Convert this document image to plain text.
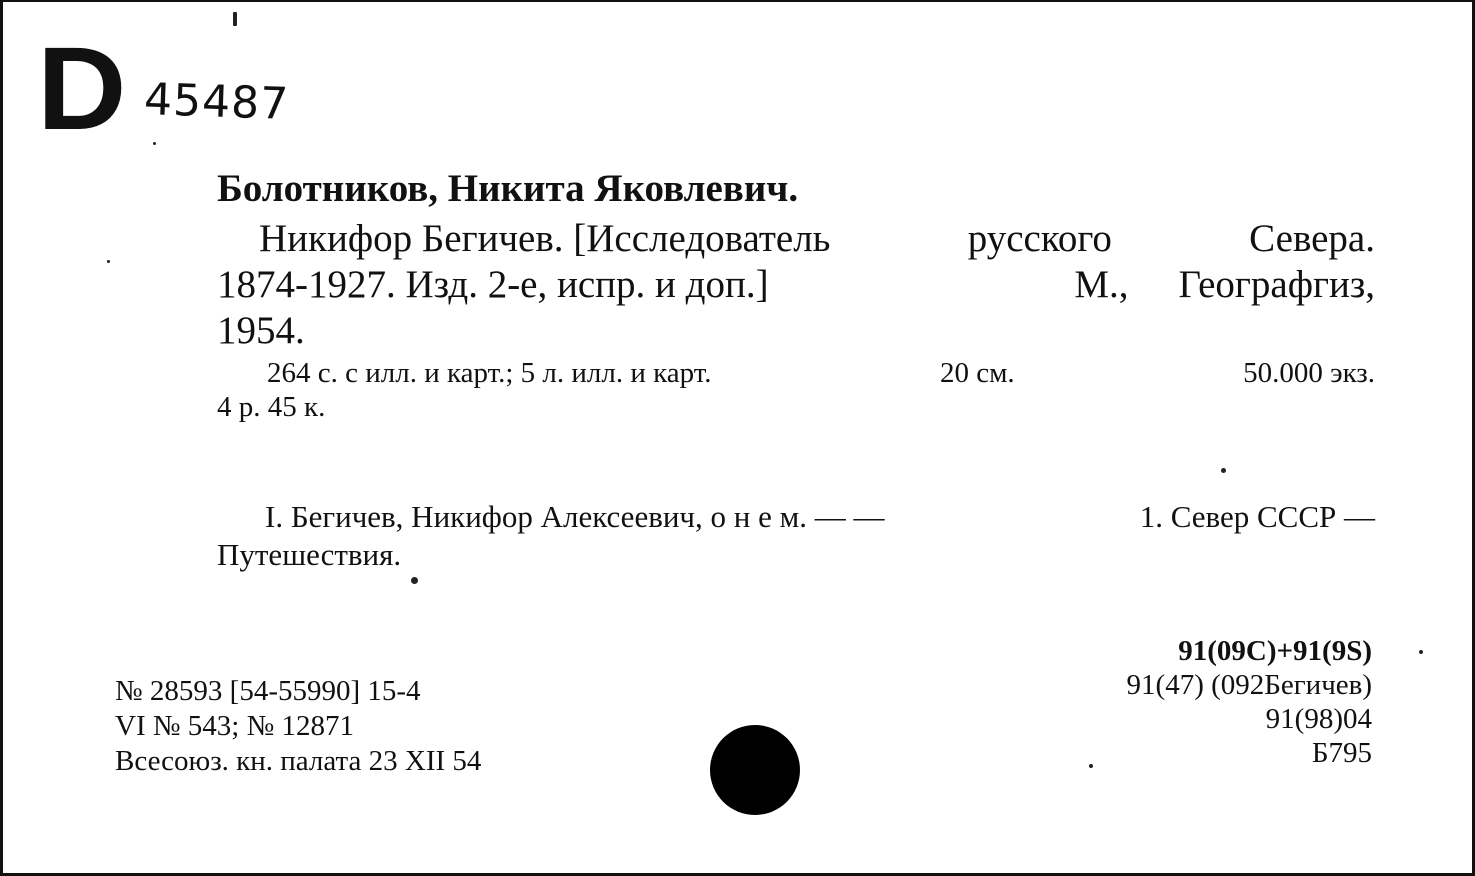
D 45487
Болотников, Никита Яковлевич.
Никифор Бегичев. [Исследователь	русского	Севера.
1874-1927. Изд. 2-е, испр. и доп.]	М., Географгиз,
1954.
264 с. с илл. и карт.; 5 л. илл. и карт.	20 см.	50.000 экз.
4 р. 45 к.
I. Бегичев, Никифор Алексеевич, о н е м. — —	1. Север СССР —
Путешествия.
91(09С)+91(9S)
91(47) (092Бегичев)
91(98)04
Б795
№ 28593 [54-55990] 15-4
VI № 543; № 12871
Всесоюз. кн. палата 23 XII 54
